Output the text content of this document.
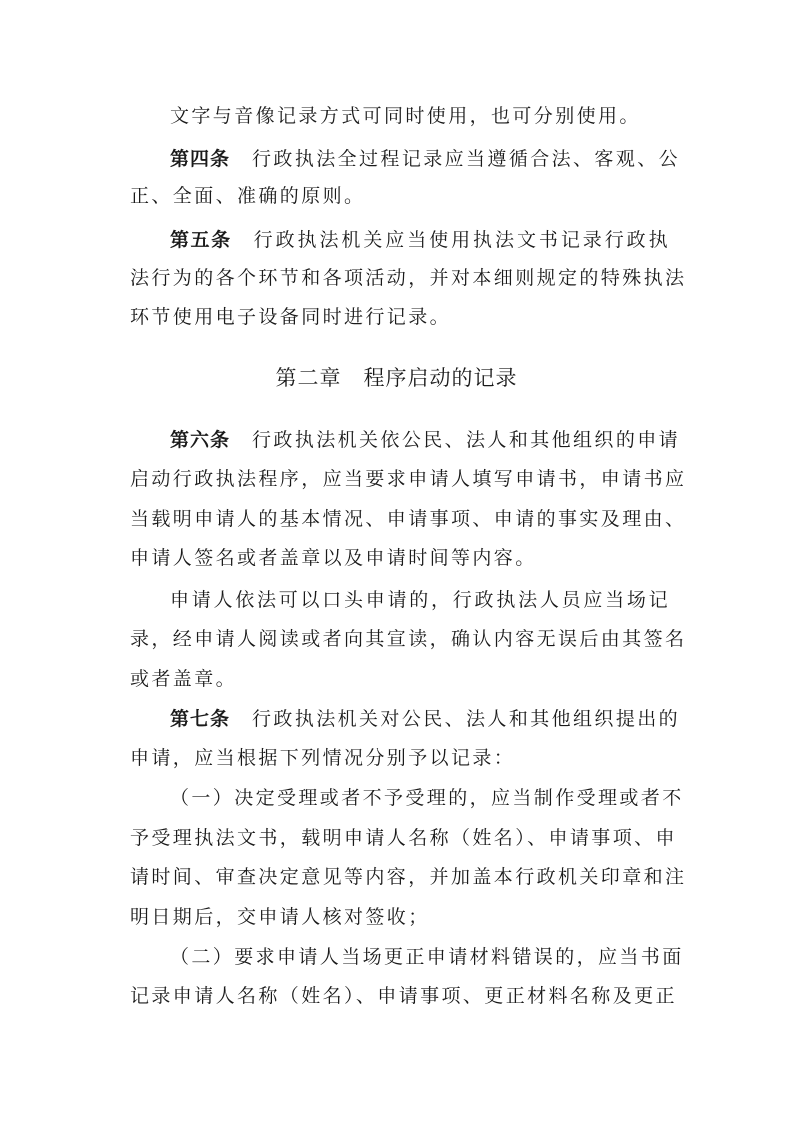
文字与音像记录方式可同时使用，也可分别使用。
第四条 行政执法全过程记录应当遵循合法、客观、公
正、全面、准确的原则。
第五条 行政执法机关应当使用执法文书记录行政执
法行为的各个环节和各项活动，并对本细则规定的特殊执法
环节使用电子设备同时进行记录。
第二章 程序启动的记录
第六条 行政执法机关依公民、法人和其他组织的申请
启动行政执法程序，应当要求申请人填写申请书，申请书应
当载明申请人的基本情况、申请事项、申请的事实及理由、
申请人签名或者盖章以及申请时间等内容。
申请人依法可以口头申请的，行政执法人员应当场记
录，经申请人阅读或者向其宣读，确认内容无误后由其签名
或者盖章。
第七条 行政执法机关对公民、法人和其他组织提出的
申请，应当根据下列情况分别予以记录：
（一）决定受理或者不予受理的，应当制作受理或者不
予受理执法文书，载明申请人名称（姓名）、申请事项、申
请时间、审查决定意见等内容，并加盖本行政机关印章和注
明日期后，交申请人核对签收；
（二）要求申请人当场更正申请材料错误的，应当书面
记录申请人名称（姓名）、申请事项、更正材料名称及更正
